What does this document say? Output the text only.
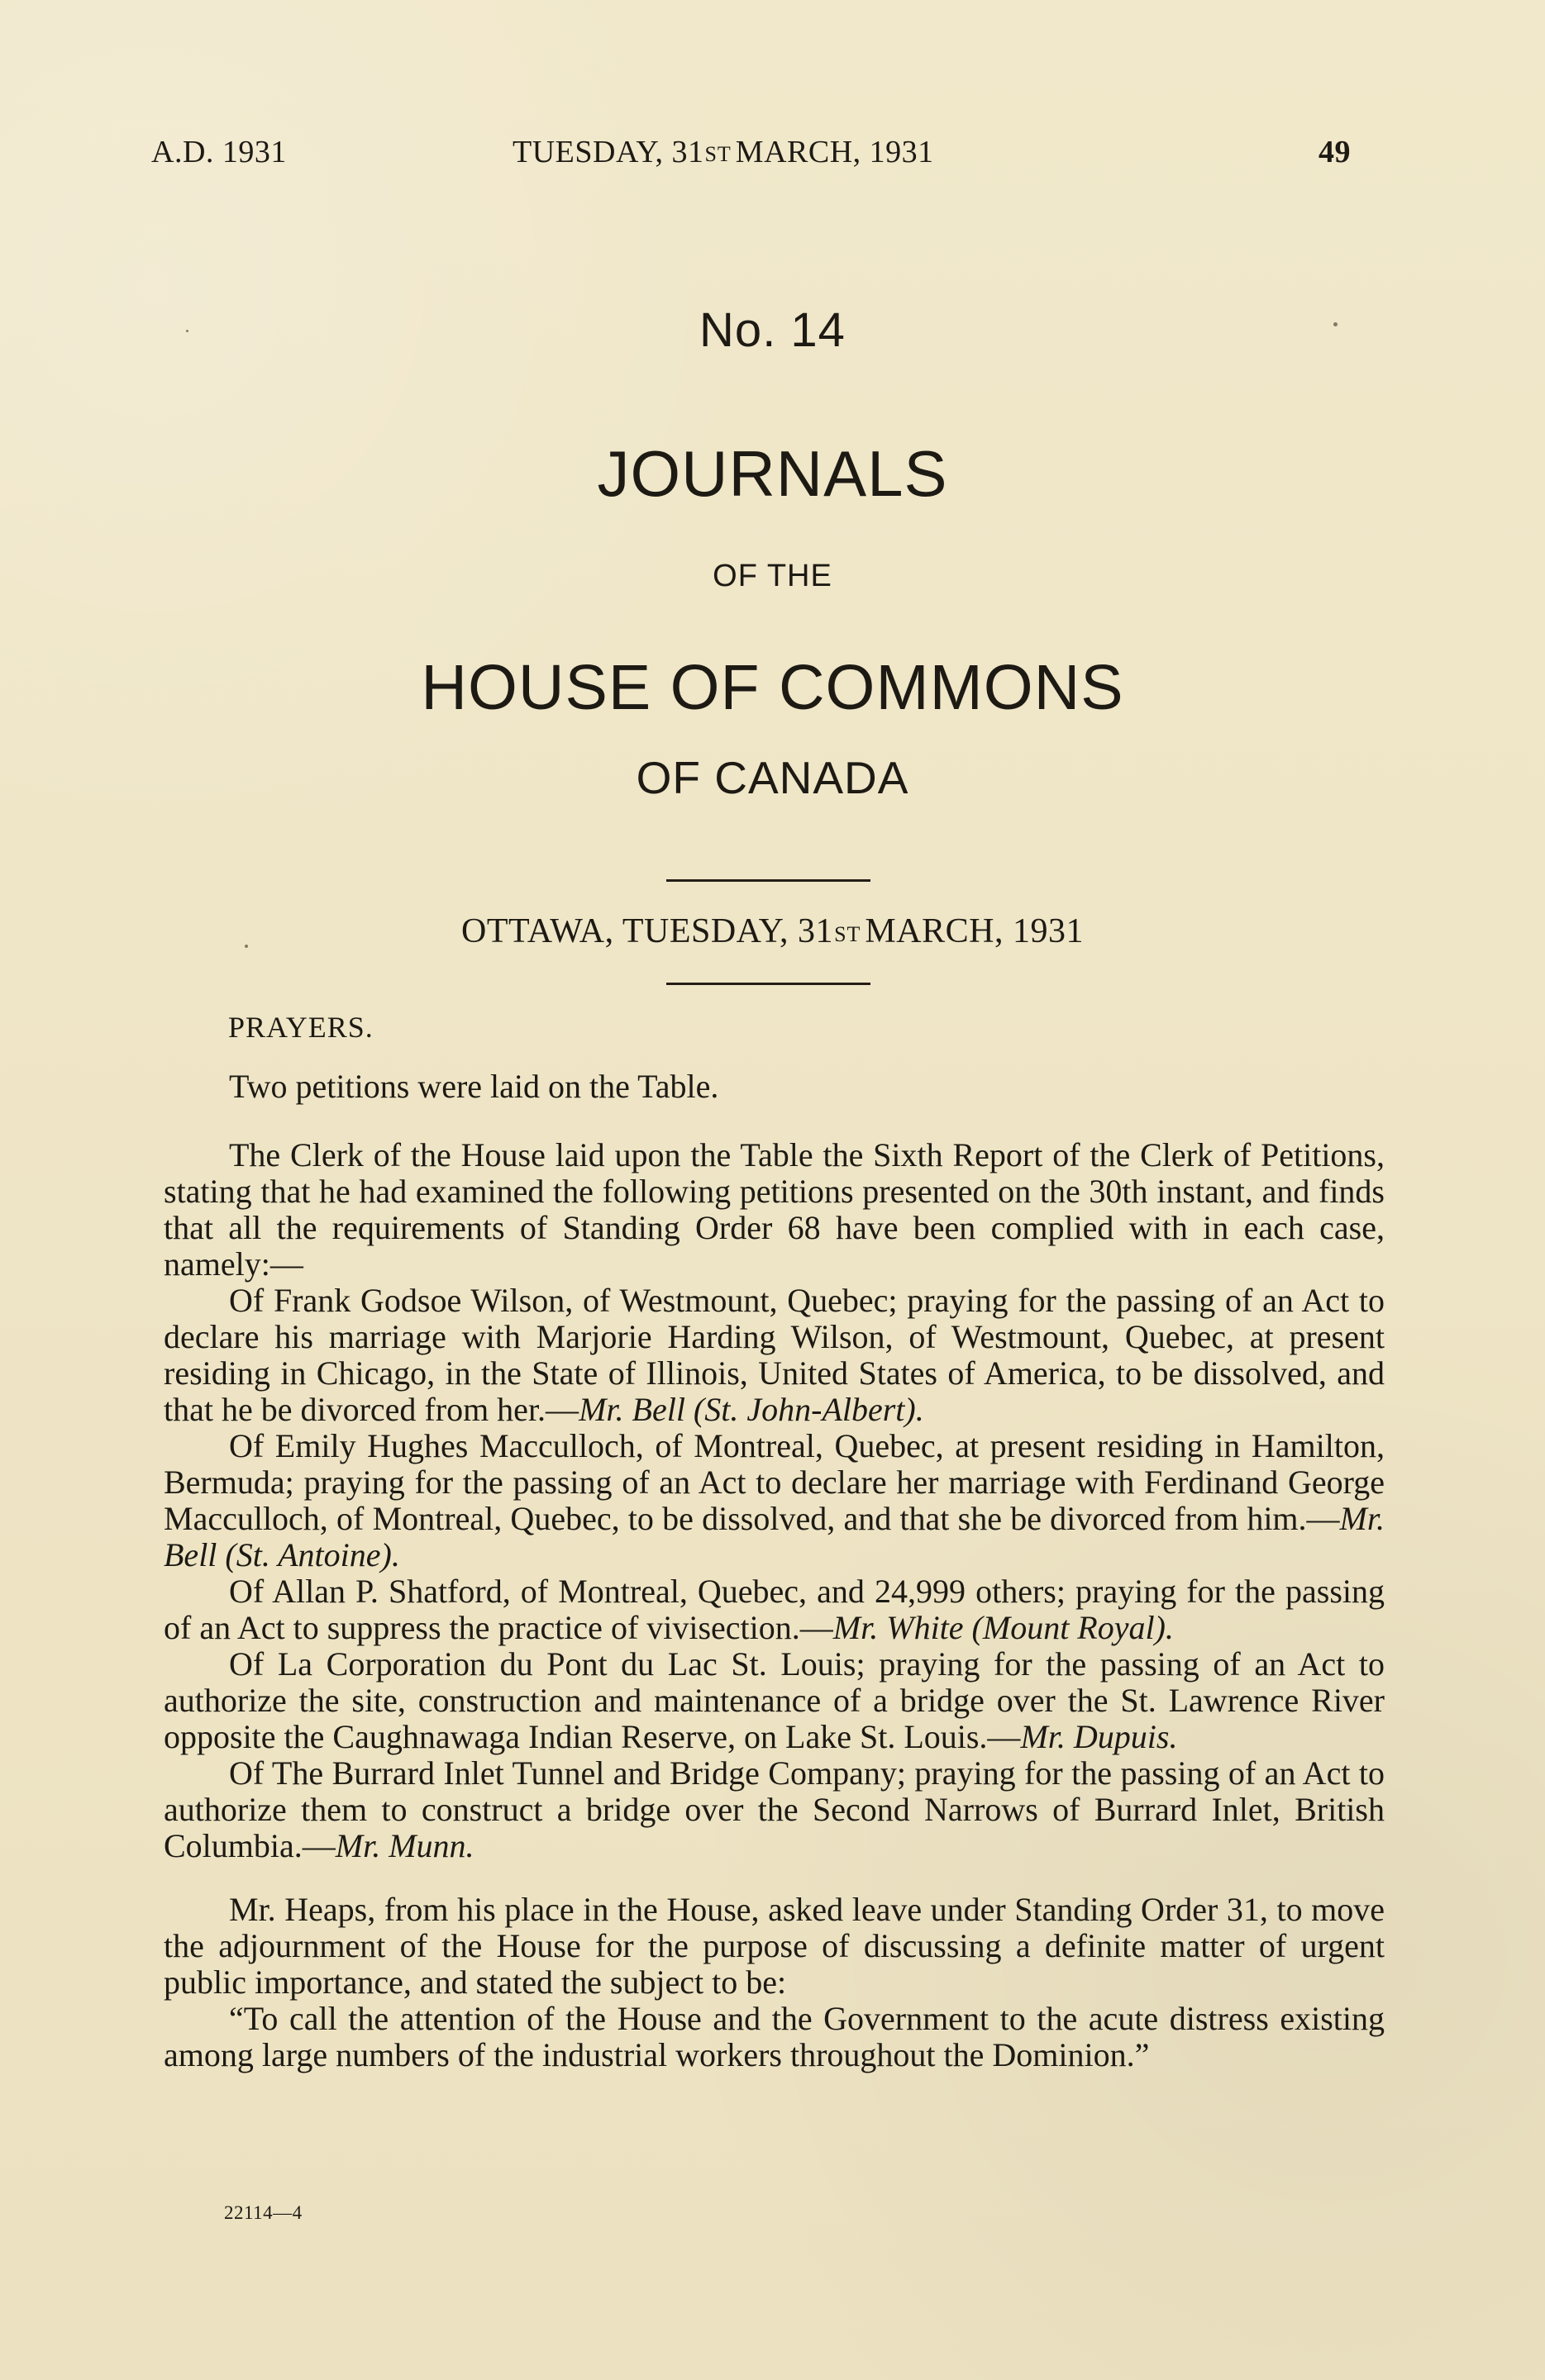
A.D. 1931	TUESDAY, 31ST MARCH, 1931	49
No. 14
JOURNALS
OF THE
HOUSE OF COMMONS
OF CANADA
OTTAWA, TUESDAY, 31ST MARCH, 1931
PRAYERS.

Two petitions were laid on the Table.

The Clerk of the House laid upon the Table the Sixth Report of the Clerk of Petitions, stating that he had examined the following petitions presented on the 30th instant, and finds that all the requirements of Standing Order 68 have been complied with in each case, namely:—

Of Frank Godsoe Wilson, of Westmount, Quebec; praying for the passing of an Act to declare his marriage with Marjorie Harding Wilson, of Westmount, Quebec, at present residing in Chicago, in the State of Illinois, United States of America, to be dissolved, and that he be divorced from her.—Mr. Bell (St. John-Albert).

Of Emily Hughes Macculloch, of Montreal, Quebec, at present residing in Hamilton, Bermuda; praying for the passing of an Act to declare her marriage with Ferdinand George Macculloch, of Montreal, Quebec, to be dissolved, and that she be divorced from him.—Mr. Bell (St. Antoine).

Of Allan P. Shatford, of Montreal, Quebec, and 24,999 others; praying for the passing of an Act to suppress the practice of vivisection.—Mr. White (Mount Royal).

Of La Corporation du Pont du Lac St. Louis; praying for the passing of an Act to authorize the site, construction and maintenance of a bridge over the St. Lawrence River opposite the Caughnawaga Indian Reserve, on Lake St. Louis.—Mr. Dupuis.

Of The Burrard Inlet Tunnel and Bridge Company; praying for the passing of an Act to authorize them to construct a bridge over the Second Narrows of Burrard Inlet, British Columbia.—Mr. Munn.

Mr. Heaps, from his place in the House, asked leave under Standing Order 31, to move the adjournment of the House for the purpose of discussing a definite matter of urgent public importance, and stated the subject to be:

“To call the attention of the House and the Government to the acute distress existing among large numbers of the industrial workers throughout the Dominion.”

22114—4
